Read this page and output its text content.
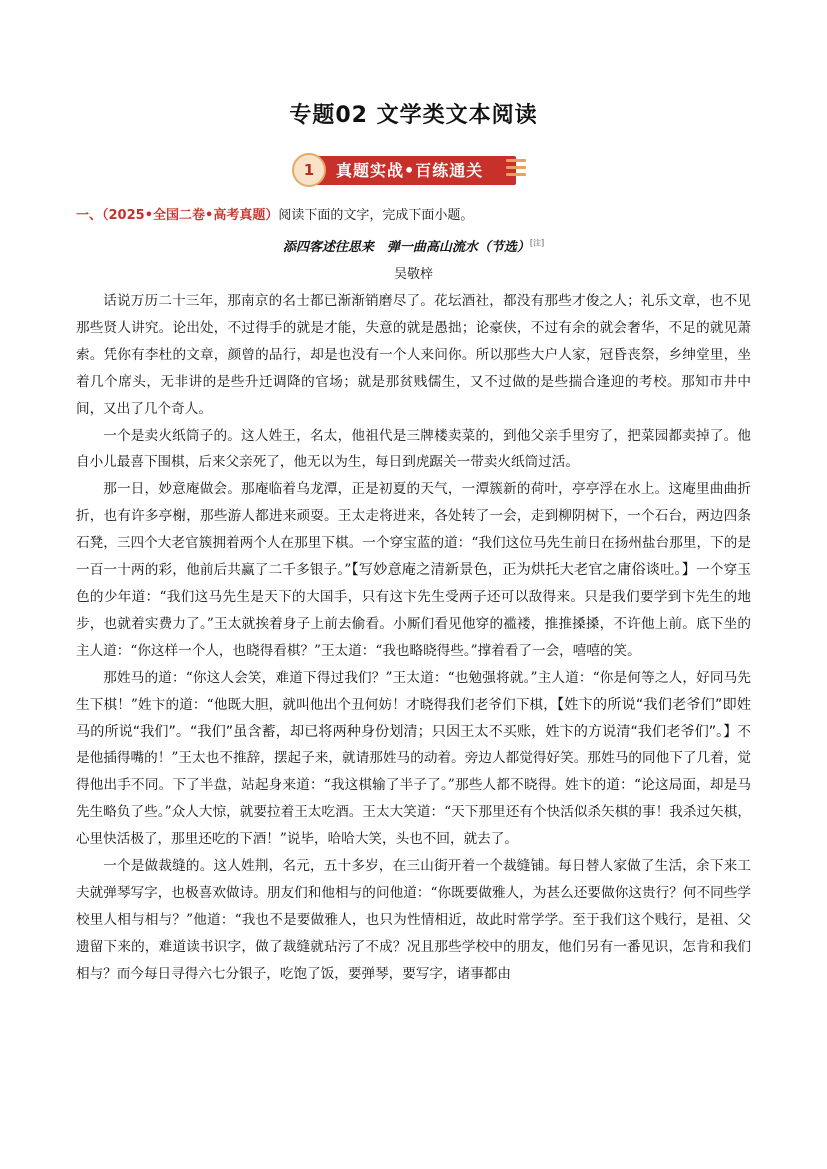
专题02 文学类文本阅读
1	真题实战•百练通关
一、（2025•全国二卷•高考真题）阅读下面的文字，完成下面小题。
添四客述往思来　弹一曲高山流水（节选）[注]
吴敬梓

话说万历二十三年，那南京的名士都已渐渐销磨尽了。花坛酒社，都没有那些才俊之人；礼乐文章，也不见那些贤人讲究。论出处，不过得手的就是才能，失意的就是愚拙；论豪侠，不过有余的就会奢华，不足的就见萧索。凭你有李杜的文章，颜曾的品行，却是也没有一个人来问你。所以那些大户人家，冠昏丧祭，乡绅堂里，坐着几个席头，无非讲的是些升迁调降的官场；就是那贫贱儒生，又不过做的是些揣合逢迎的考校。那知市井中间，又出了几个奇人。

一个是卖火纸筒子的。这人姓王，名太，他祖代是三牌楼卖菜的，到他父亲手里穷了，把菜园都卖掉了。他自小儿最喜下围棋，后来父亲死了，他无以为生，每日到虎踞关一带卖火纸筒过活。

那一日，妙意庵做会。那庵临着乌龙潭，正是初夏的天气，一潭簇新的荷叶，亭亭浮在水上。这庵里曲曲折折，也有许多亭榭，那些游人都进来顽耍。王太走将进来，各处转了一会，走到柳阴树下，一个石台，两边四条石凳，三四个大老官簇拥着两个人在那里下棋。一个穿宝蓝的道：“我们这位马先生前日在扬州盐台那里，下的是一百一十两的彩，他前后共赢了二千多银子。”【写妙意庵之清新景色，正为烘托大老官之庸俗谈吐。】一个穿玉色的少年道：“我们这马先生是天下的大国手，只有这卞先生受两子还可以敌得来。只是我们要学到卞先生的地步，也就着实费力了。”王太就挨着身子上前去偷看。小厮们看见他穿的褴褛，推推搡搡，不许他上前。底下坐的主人道：“你这样一个人，也晓得看棋？”王太道：“我也略晓得些。”撑着看了一会，嘻嘻的笑。

那姓马的道：“你这人会笑，难道下得过我们？”王太道：“也勉强将就。”主人道：“你是何等之人，好同马先生下棋！”姓卞的道：“他既大胆，就叫他出个丑何妨！才晓得我们老爷们下棋，【姓卞的所说“我们老爷们”即姓马的所说“我们”。“我们”虽含蓄，却已将两种身份划清；只因王太不买账，姓卞的方说清“我们老爷们”。】不是他插得嘴的！”王太也不推辞，摆起子来，就请那姓马的动着。旁边人都觉得好笑。那姓马的同他下了几着，觉得他出手不同。下了半盘，站起身来道：“我这棋输了半子了。”那些人都不晓得。姓卞的道：“论这局面，却是马先生略负了些。”众人大惊，就要拉着王太吃酒。王太大笑道：“天下那里还有个快活似杀矢棋的事！我杀过矢棋，心里快活极了，那里还吃的下酒！”说毕，哈哈大笑，头也不回，就去了。

一个是做裁缝的。这人姓荆，名元，五十多岁，在三山街开着一个裁缝铺。每日替人家做了生活，余下来工夫就弹琴写字，也极喜欢做诗。朋友们和他相与的问他道：“你既要做雅人，为甚么还要做你这贵行？何不同些学校里人相与相与？”他道：“我也不是要做雅人，也只为性情相近，故此时常学学。至于我们这个贱行，是祖、父遗留下来的，难道读书识字，做了裁缝就玷污了不成？况且那些学校中的朋友，他们另有一番见识，怎肯和我们相与？而今每日寻得六七分银子，吃饱了饭，要弹琴，要写字，诸事都由
